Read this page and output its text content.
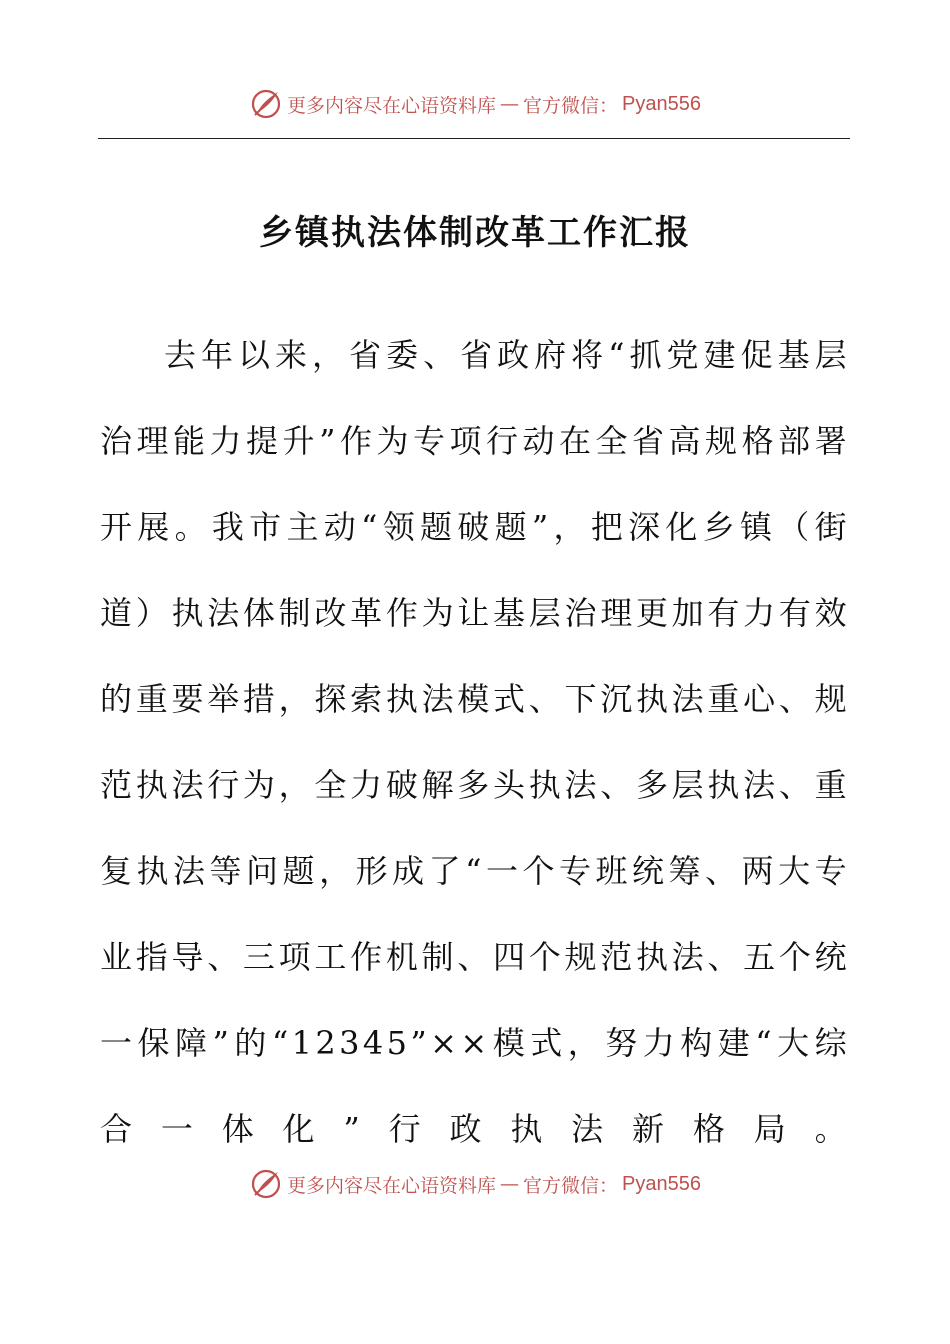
更多内容尽在心语资料库 — 官方微信： Pyan556
乡镇执法体制改革工作汇报

去年以来，省委、省政府将“抓党建促基层治理能力提升”作为专项行动在全省高规格部署开展。我市主动“领题破题”，把深化乡镇（街道）执法体制改革作为让基层治理更加有力有效的重要举措，探索执法模式、下沉执法重心、规范执法行为，全力破解多头执法、多层执法、重复执法等问题，形成了“一个专班统筹、两大专业指导、三项工作机制、四个规范执法、五个统一保障”的“12345”××模式，努力构建“大综合一体化”行政执法新格局。

更多内容尽在心语资料库 — 官方微信： Pyan556
